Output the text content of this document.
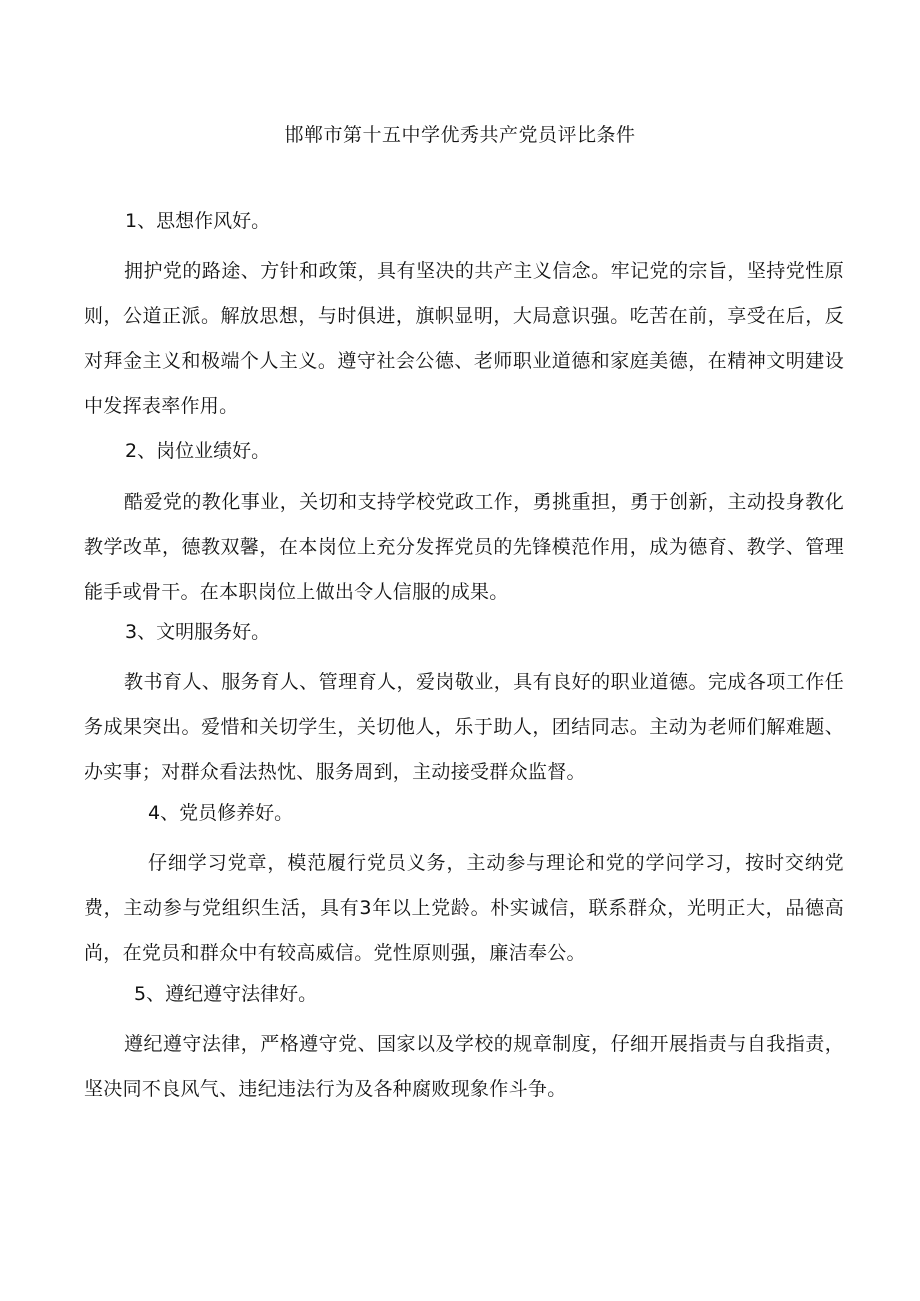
邯郸市第十五中学优秀共产党员评比条件
1、思想作风好。
拥护党的路途、方针和政策，具有坚决的共产主义信念。牢记党的宗旨，坚持党性原则，公道正派。解放思想，与时俱进，旗帜显明，大局意识强。吃苦在前，享受在后，反对拜金主义和极端个人主义。遵守社会公德、老师职业道德和家庭美德，在精神文明建设中发挥表率作用。
2、岗位业绩好。
酷爱党的教化事业，关切和支持学校党政工作，勇挑重担，勇于创新，主动投身教化教学改革，德教双馨，在本岗位上充分发挥党员的先锋模范作用，成为德育、教学、管理能手或骨干。在本职岗位上做出令人信服的成果。
3、文明服务好。
教书育人、服务育人、管理育人，爱岗敬业，具有良好的职业道德。完成各项工作任务成果突出。爱惜和关切学生，关切他人，乐于助人，团结同志。主动为老师们解难题、办实事；对群众看法热忱、服务周到，主动接受群众监督。
4、党员修养好。
仔细学习党章，模范履行党员义务，主动参与理论和党的学问学习，按时交纳党费，主动参与党组织生活，具有3年以上党龄。朴实诚信，联系群众，光明正大，品德高尚，在党员和群众中有较高威信。党性原则强，廉洁奉公。
5、遵纪遵守法律好。
遵纪遵守法律，严格遵守党、国家以及学校的规章制度，仔细开展指责与自我指责，坚决同不良风气、违纪违法行为及各种腐败现象作斗争。
